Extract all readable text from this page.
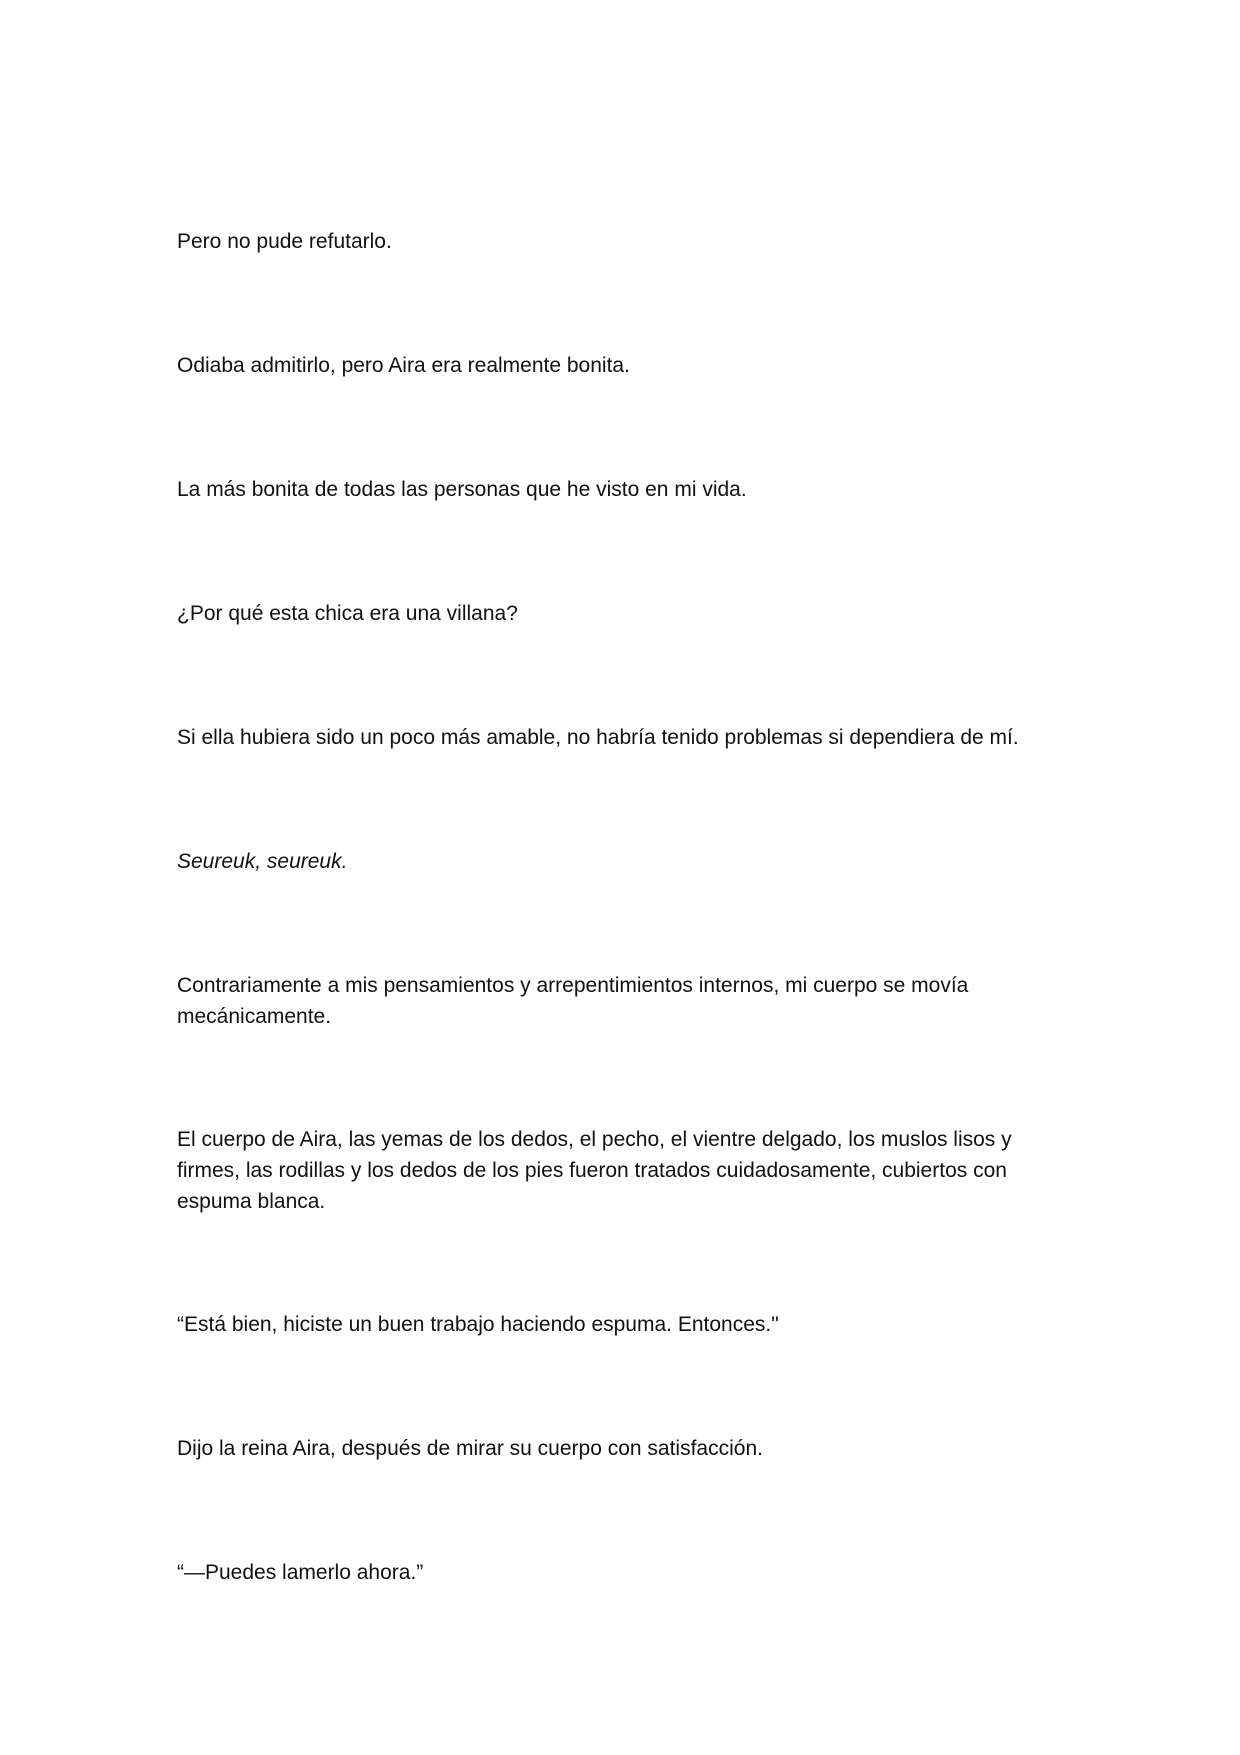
Pero no pude refutarlo.

Odiaba admitirlo, pero Aira era realmente bonita.

La más bonita de todas las personas que he visto en mi vida.

¿Por qué esta chica era una villana?

Si ella hubiera sido un poco más amable, no habría tenido problemas si dependiera de mí.

Seureuk, seureuk.

Contrariamente a mis pensamientos y arrepentimientos internos, mi cuerpo se movía
mecánicamente.

El cuerpo de Aira, las yemas de los dedos, el pecho, el vientre delgado, los muslos lisos y
firmes, las rodillas y los dedos de los pies fueron tratados cuidadosamente, cubiertos con
espuma blanca.

“Está bien, hiciste un buen trabajo haciendo espuma. Entonces."

Dijo la reina Aira, después de mirar su cuerpo con satisfacción.

“—Puedes lamerlo ahora.”
